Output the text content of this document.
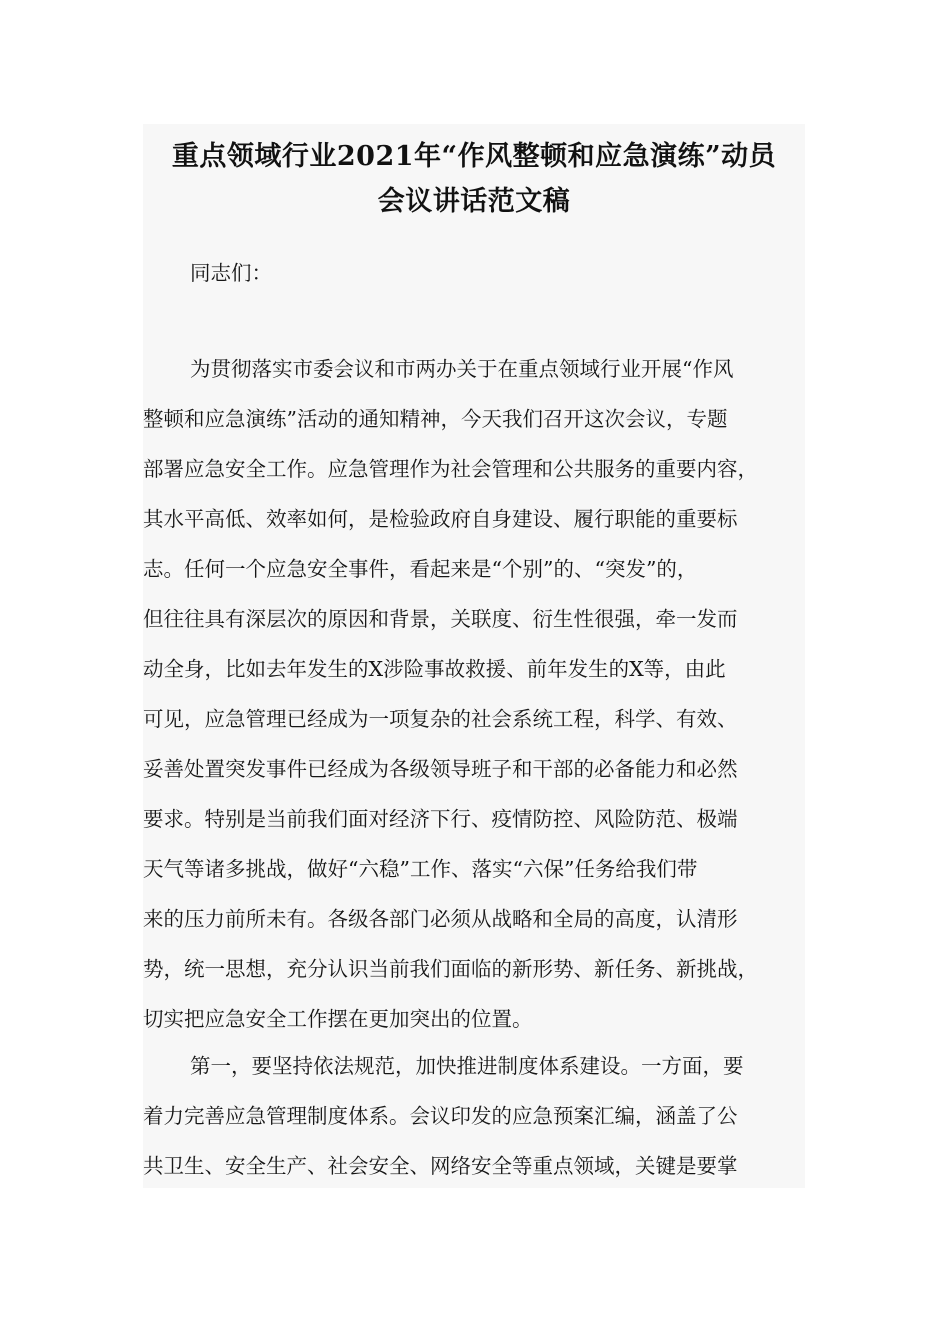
重点领域行业2021年“作风整顿和应急演练”动员
会议讲话范文稿

同志们：

为贯彻落实市委会议和市两办关于在重点领域行业开展“作风
整顿和应急演练”活动的通知精神，今天我们召开这次会议，专题
部署应急安全工作。应急管理作为社会管理和公共服务的重要内容，
其水平高低、效率如何，是检验政府自身建设、履行职能的重要标
志。任何一个应急安全事件，看起来是“个别”的、“突发”的，
但往往具有深层次的原因和背景，关联度、衍生性很强，牵一发而
动全身，比如去年发生的X涉险事故救援、前年发生的X等，由此
可见，应急管理已经成为一项复杂的社会系统工程，科学、有效、
妥善处置突发事件已经成为各级领导班子和干部的必备能力和必然
要求。特别是当前我们面对经济下行、疫情防控、风险防范、极端
天气等诸多挑战，做好“六稳”工作、落实“六保”任务给我们带
来的压力前所未有。各级各部门必须从战略和全局的高度，认清形
势，统一思想，充分认识当前我们面临的新形势、新任务、新挑战，
切实把应急安全工作摆在更加突出的位置。

第一，要坚持依法规范，加快推进制度体系建设。一方面，要
着力完善应急管理制度体系。会议印发的应急预案汇编，涵盖了公
共卫生、安全生产、社会安全、网络安全等重点领域，关键是要掌
